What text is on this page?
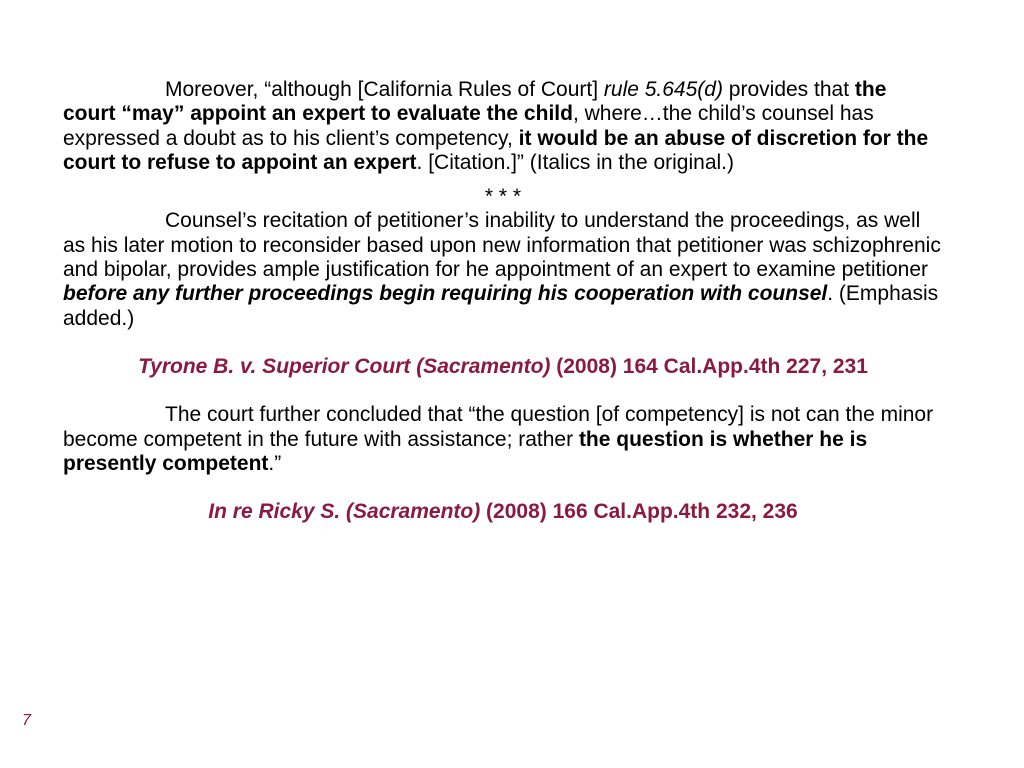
Moreover, “although [California Rules of Court] rule 5.645(d) provides that the court “may” appoint an expert to evaluate the child, where…the child’s counsel has expressed a doubt as to his client’s competency, it would be an abuse of discretion for the court to refuse to appoint an expert. [Citation.]” (Italics in the original.)

* * *

Counsel’s recitation of petitioner’s inability to understand the proceedings, as well as his later motion to reconsider based upon new information that petitioner was schizophrenic and bipolar, provides ample justification for he appointment of an expert to examine petitioner before any further proceedings begin requiring his cooperation with counsel. (Emphasis added.)

Tyrone B. v. Superior Court (Sacramento) (2008) 164 Cal.App.4th 227, 231

The court further concluded that “the question [of competency] is not can the minor become competent in the future with assistance; rather the question is whether he is presently competent.”

In re Ricky S. (Sacramento) (2008) 166 Cal.App.4th 232, 236

7
